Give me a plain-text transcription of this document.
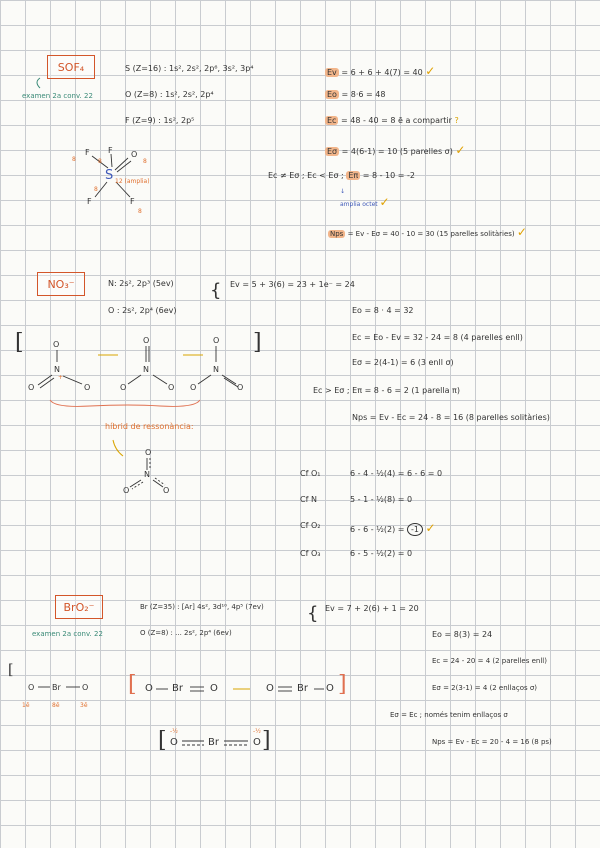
SOF₄
examen 2a conv. 22
S (Z=16) : 1s², 2s², 2p⁶, 3s², 3p⁴
O (Z=8) : 1s², 2s², 2p⁴
F (Z=9) : 1s², 2p⁵
Ev = 6 + 6 + 4(7) = 40 ✓
Eo = 8·6 = 48
Ec = 48 - 40 = 8 ē a compartir ?
Eσ = 4(6-1) = 10 (5 parelles σ) ✓
Ec ≠ Eσ ; Ec < Eσ ; Eπ = 8 - 10 = -2
↓
amplia octet ✓
Nps = Ev - Eσ = 40 - 10 = 30 (15 parelles solitàries) ✓
S
O
F F
F	F
12 (amplia)
8
8	8
8
8
NO₃⁻	N: 2s², 2p³ (5ev)
O : 2s², 2p⁴ (6ev)
{ Ev = 5 + 3(6) = 23 + 1e⁻ = 24
Eo = 8 · 4 = 32
Ec = Eo - Ev = 32 - 24 = 8 (4 parelles enll)
Eσ = 2(4-1) = 6 (3 enll σ)
Ec > Eσ ; Eπ = 8 - 6 = 2 (1 parella π)
Nps = Ev - Ec = 24 - 8 = 16 (8 parelles solitàries)
[	]
O
N
O	O
O
N
O	O
O
N
O	O
+
híbrid de ressonància:
O
N
O	O
Cf O₁	6 - 4 - ½(4) = 6 - 6 = 0
Cf N	5 - 1 - ½(8) = 0
Cf O₂	6 - 6 - ½(2) = -1 ✓
Cf O₃	6 - 5 - ½(2) = 0
BrO₂⁻
examen 2a conv. 22
Br (Z=35) : [Ar] 4s², 3d¹⁰, 4p⁵ (7ev)
O (Z=8) : ... 2s², 2p⁴ (6ev)
{ Ev = 7 + 2(6) + 1 = 20
Eo = 8(3) = 24
Ec = 24 - 20 = 4 (2 parelles enll)
Eσ = 2(3-1) = 4 (2 enllaços σ)
Eσ = Ec ; només tenim enllaços σ
Nps = Ev - Ec = 20 - 4 = 16 (8 ps)
[
O Br	O
1ē	8ē	3ē
[	]
O Br	O	O Br O
[	]
O	Br	O
-½	-½
